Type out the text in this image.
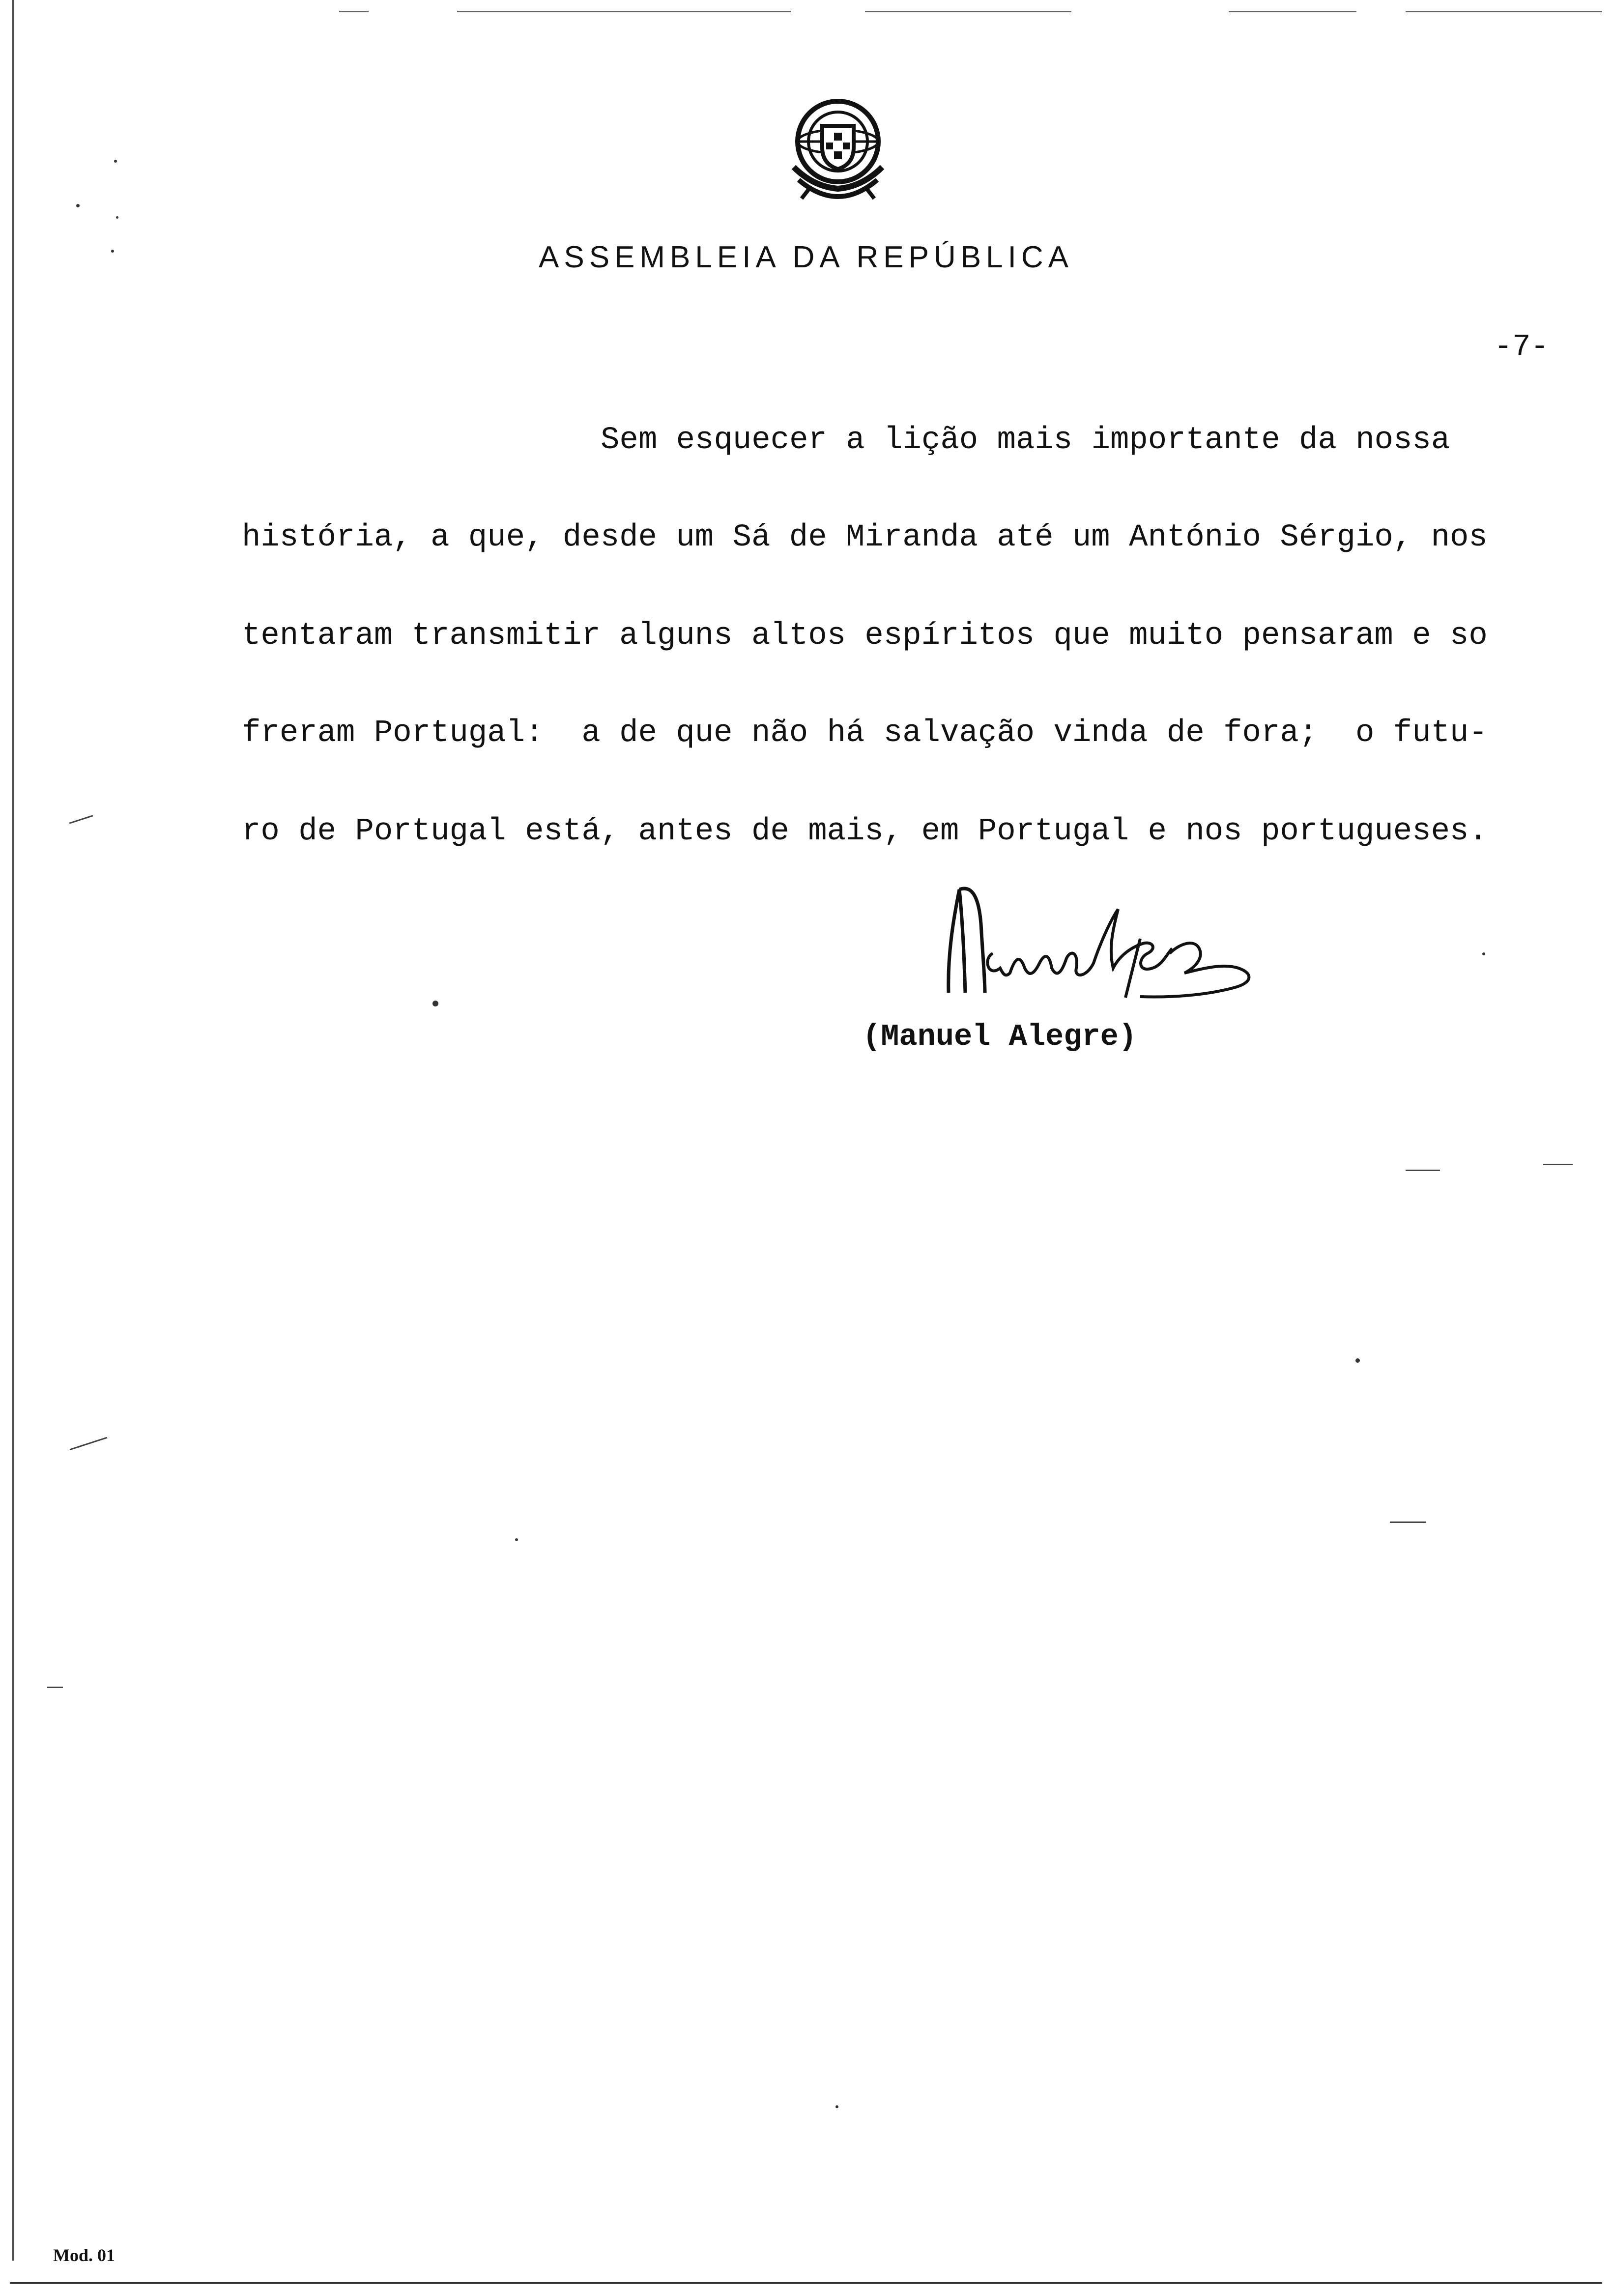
ASSEMBLEIA DA REPÚBLICA
-7-
Sem esquecer a lição mais importante da nossa
história, a que, desde um Sá de Miranda até um António Sérgio, nos
tentaram transmitir alguns altos espíritos que muito pensaram e so
freram Portugal:  a de que não há salvação vinda de fora;  o futu-
ro de Portugal está, antes de mais, em Portugal e nos portugueses.
(Manuel Alegre)
Mod. 01
